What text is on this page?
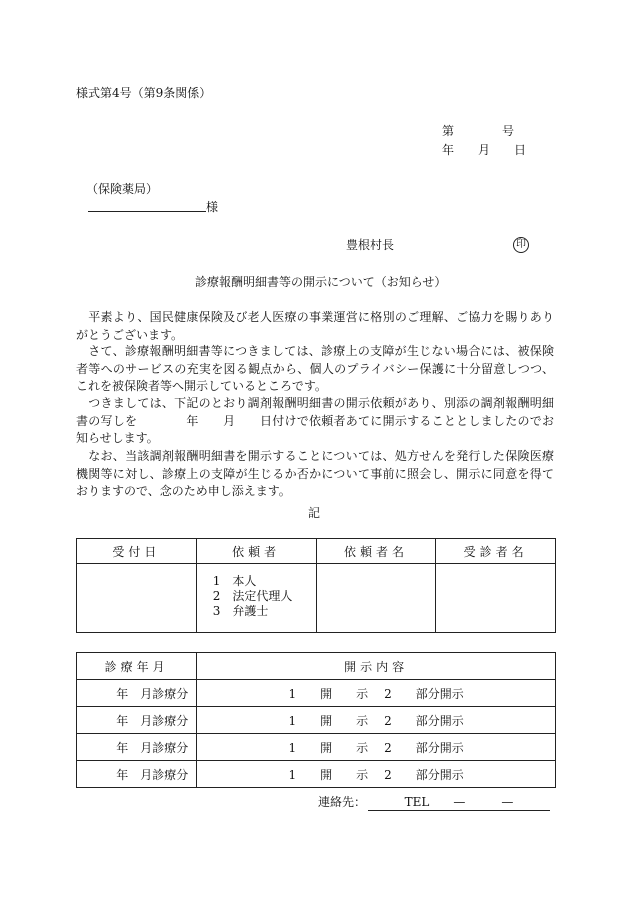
様式第4号（第9条関係）
第　　　　号
年　　月　　日
（保険薬局）
様
豊根村長	印
診療報酬明細書等の開示について（お知らせ）
　平素より、国民健康保険及び老人医療の事業運営に格別のご理解、ご協力を賜りありがとうございます。
　さて、診療報酬明細書等につきましては、診療上の支障が生じない場合には、被保険者等へのサービスの充実を図る観点から、個人のプライバシー保護に十分留意しつつ、これを被保険者等へ開示しているところです。
　つきましては、下記のとおり調剤報酬明細書の開示依頼があり、別添の調剤報酬明細書の写しを　　　　年　　月　　日付けで依頼者あてに開示することとしましたのでお知らせします。
　なお、当該調剤報酬明細書を開示することについては、処方せんを発行した保険医療機関等に対し、診療上の支障が生じるか否かについて事前に照会し、開示に同意を得ておりますので、念のため申し添えます。
記
受付日	依頼者	依頼者名	受診者名

	1　本人
2　法定代理人
3　弁護士		

診療年月	開示内容
年　月診療分	1　　開　　示 2　　部分開示

年　月診療分	1　　開　　示 2　　部分開示

年　月診療分	1　　開　　示 2　　部分開示

年　月診療分	1　　開　　示 2　　部分開示
連絡先：	TEL　　—　　　—
